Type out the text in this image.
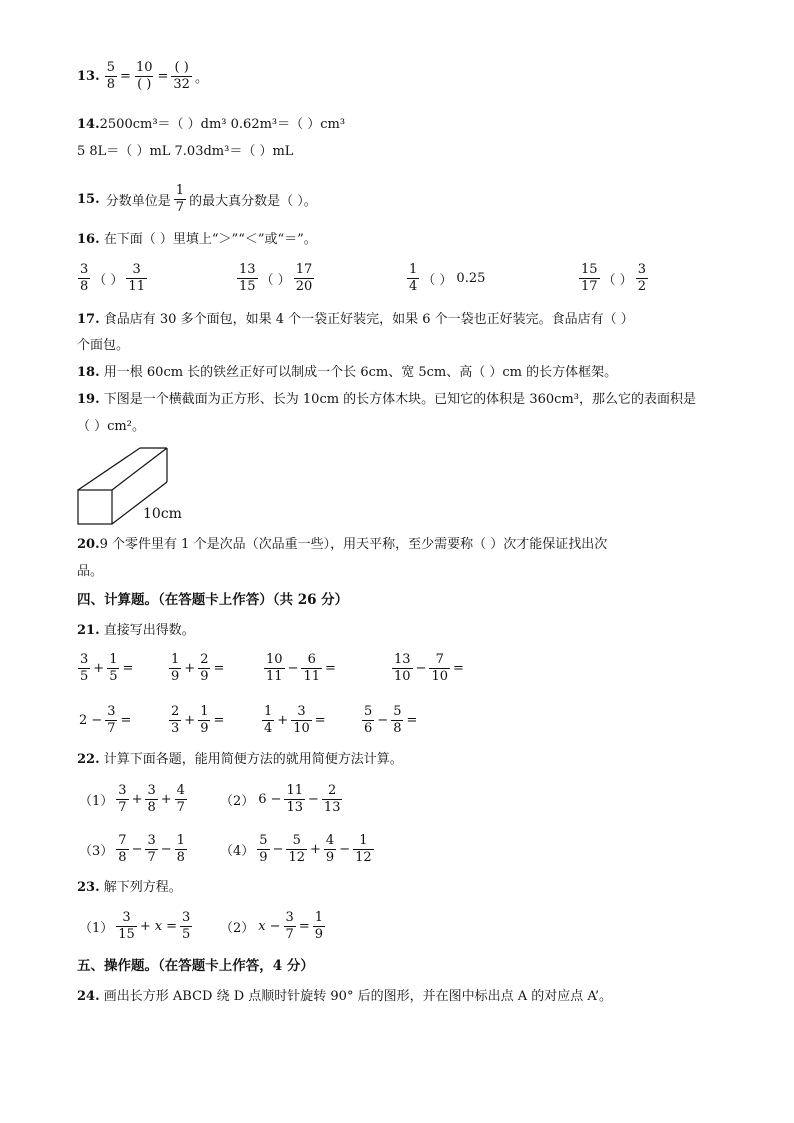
13. $\frac{5}{8} = \frac{10}{( )} = \frac{( )}{32}$ 。
14.2500cm³＝（ ）dm³ 0.62m³＝（ ）cm³
5 8L＝（ ）mL 7.03dm³＝（ ）mL
15. 分数单位是 $\frac{1}{7}$ 的最大真分数是（ ）。
16. 在下面（ ）里填上“＞”“＜”或“＝”。
$\frac{3}{8}$ （ ） $\frac{3}{11}$	$\frac{13}{15}$ （ ） $\frac{17}{20}$	$\frac{1}{4}$ （ ） 0.25	$\frac{15}{17}$ （ ） $\frac{3}{2}$
17. 食品店有 30 多个面包，如果 4 个一袋正好装完，如果 6 个一袋也正好装完。食品店有（ ）
个面包。
18. 用一根 60cm 长的铁丝正好可以制成一个长 6cm、宽 5cm、高（ ）cm 的长方体框架。
19. 下图是一个横截面为正方形、长为 10cm 的长方体木块。已知它的体积是 360cm³，那么它的表面积是
（ ）cm²。
10cm
20.9 个零件里有 1 个是次品（次品重一些），用天平称，至少需要称（ ）次才能保证找出次
品。
四、计算题。（在答题卡上作答）（共 26 分）
21. 直接写出得数。
$\frac{3}{5} + \frac{1}{5}$ =	$\frac{1}{9} + \frac{2}{9}$ =	$\frac{10}{11} - \frac{6}{11}$ =	$\frac{13}{10} - \frac{7}{10}$ =
$2 - \frac{3}{7}$ =	$\frac{2}{3} + \frac{1}{9}$ =	$\frac{1}{4} + \frac{3}{10}$ =	$\frac{5}{6} - \frac{5}{8}$ =
22. 计算下面各题，能用简便方法的就用简便方法计算。
$(1) \frac{3}{7} + \frac{3}{8} + \frac{4}{7}$	（2） $6 - \frac{11}{13} - \frac{2}{13}$
$(3) \frac{7}{8} - \frac{3}{7} - \frac{1}{8}$	$(4) \frac{5}{9} - \frac{5}{12} + \frac{4}{9} - \frac{1}{12}$
23. 解下列方程。
$(1) \frac{3}{15} + x = \frac{3}{5} (2) x - \frac{3}{7} = \frac{1}{9}$
五、操作题。（在答题卡上作答，4 分）
24. 画出长方形 ABCD 绕 D 点顺时针旋转 90° 后的图形，并在图中标出点 A 的对应点 A’。
